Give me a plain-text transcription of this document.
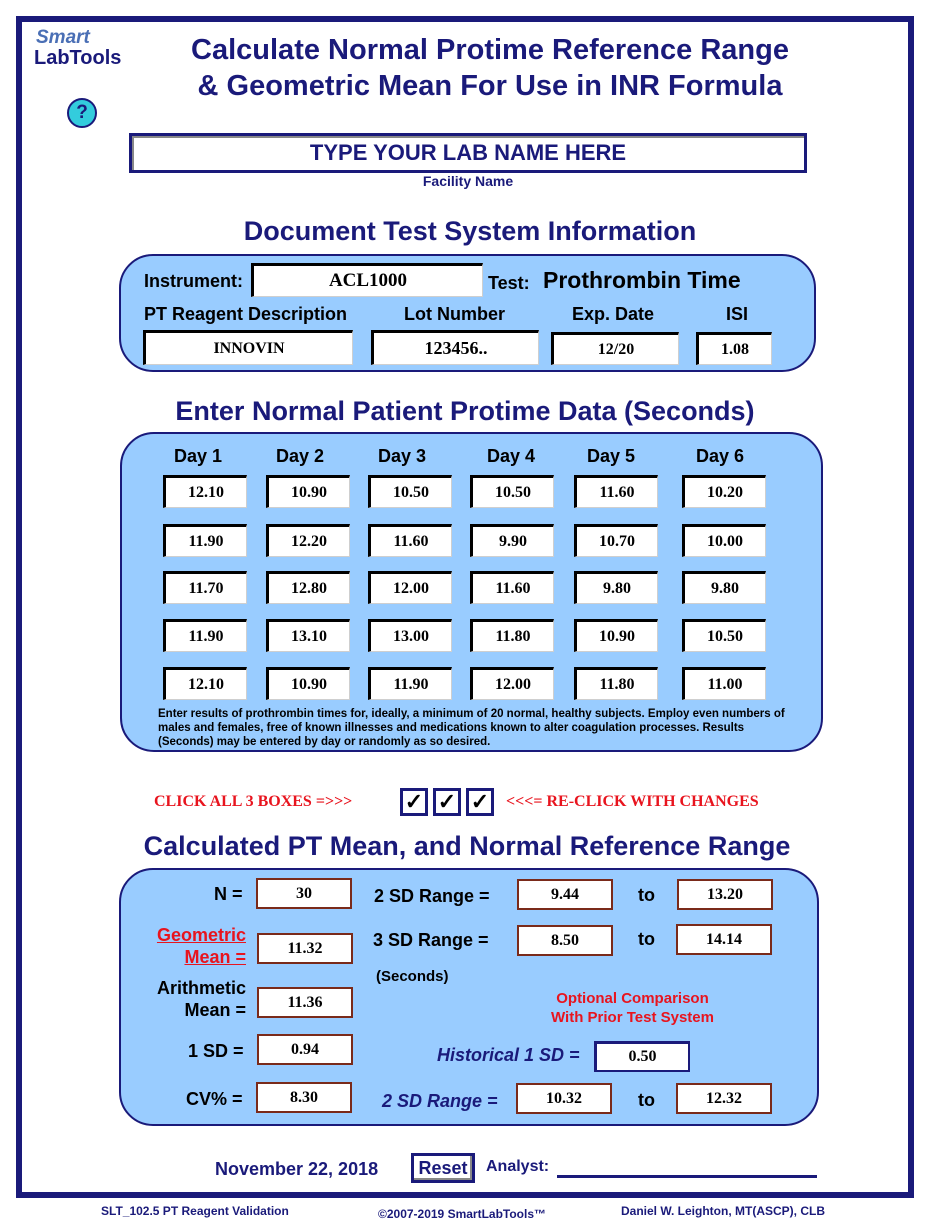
Smart
LabTools	Calculate Normal Protime Reference Range
& Geometric Mean For Use in INR Formula
?
TYPE YOUR LAB NAME HERE
Facility Name
Document Test System Information
Instrument:	ACL1000	Test: Prothrombin Time
PT Reagent Description	Lot Number	Exp. Date	ISI
INNOVIN	123456..	12/20	1.08
Enter Normal Patient Protime Data (Seconds)
Day 1	Day 2	Day 3	Day 4	Day 5	Day 6
12.10	10.90	10.50	10.50	11.60	10.20
11.90	12.20	11.60	9.90	10.70	10.00
11.70	12.80	12.00	11.60	9.80	9.80
11.90	13.10	13.00	11.80	10.90	10.50
12.10	10.90	11.90	12.00	11.80	11.00
Enter results of prothrombin times for, ideally, a minimum of 20 normal, healthy subjects. Employ even numbers of males and females, free of known illnesses and medications known to alter coagulation processes. Results (Seconds) may be entered by day or randomly as so desired.
CLICK ALL 3 BOXES =>>> ✓ ✓ ✓ <<<= RE-CLICK WITH CHANGES
Calculated PT Mean, and Normal Reference Range
N =	30
Geometric
Mean =	11.32
Arithmetic
Mean =	11.36
1 SD =	0.94
CV% =	8.30
2 SD Range =	9.44	to	13.20
3 SD Range =	8.50	to	14.14
(Seconds)
Optional Comparison
With Prior Test System
Historical 1 SD =	0.50
2 SD Range =	10.32	to	12.32
November 22, 2018 Reset Analyst:
SLT_102.5 PT Reagent Validation	©2007-2019 SmartLabTools™	Daniel W. Leighton, MT(ASCP), CLB
